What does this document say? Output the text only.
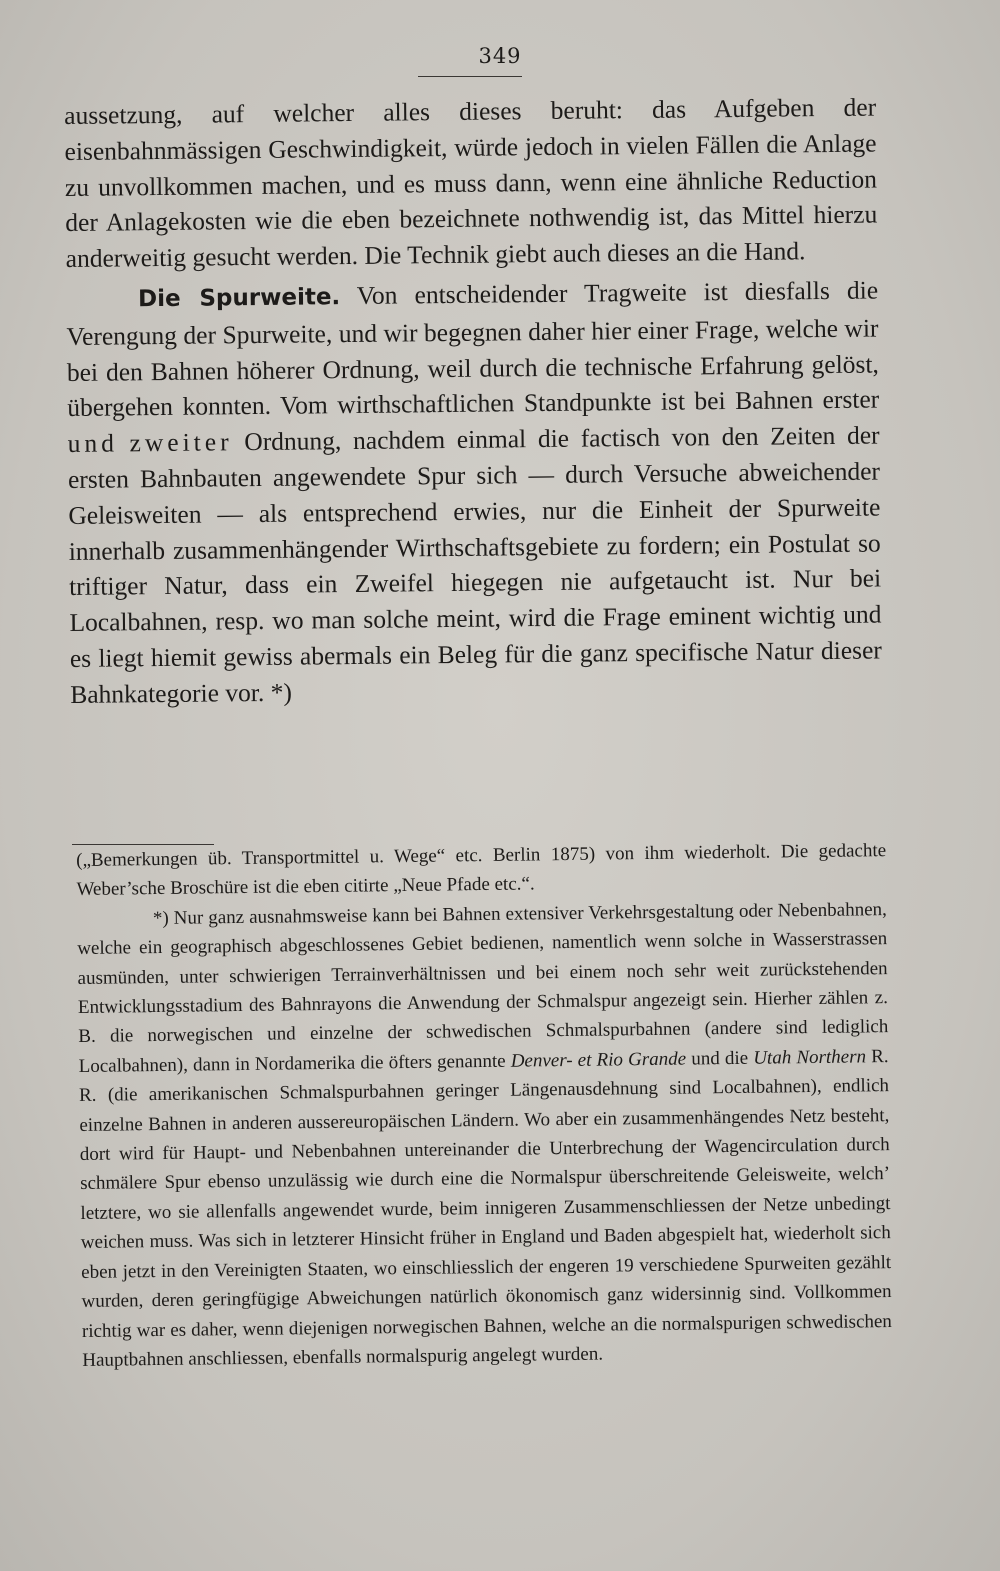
349

aussetzung, auf welcher alles dieses beruht: das Aufgeben der eisenbahnmässigen Geschwindigkeit, würde jedoch in vielen Fällen die Anlage zu unvollkommen machen, und es muss dann, wenn eine ähnliche Reduction der Anlagekosten wie die eben bezeichnete nothwendig ist, das Mittel hierzu anderweitig gesucht werden. Die Technik giebt auch dieses an die Hand.

Die Spurweite. Von entscheidender Tragweite ist diesfalls die Verengung der Spurweite, und wir begegnen daher hier einer Frage, welche wir bei den Bahnen höherer Ordnung, weil durch die technische Erfahrung gelöst, übergehen konnten. Vom wirthschaftlichen Standpunkte ist bei Bahnen erster und zweiter Ordnung, nachdem einmal die factisch von den Zeiten der ersten Bahnbauten angewendete Spur sich — durch Versuche abweichender Geleisweiten — als entsprechend erwies, nur die Einheit der Spurweite innerhalb zusammenhängender Wirthschaftsgebiete zu fordern; ein Postulat so triftiger Natur, dass ein Zweifel hiegegen nie aufgetaucht ist. Nur bei Localbahnen, resp. wo man solche meint, wird die Frage eminent wichtig und es liegt hiemit gewiss abermals ein Beleg für die ganz specifische Natur dieser Bahnkategorie vor. *)

(„Bemerkungen üb. Transportmittel u. Wege“ etc. Berlin 1875) von ihm wiederholt. Die gedachte Weber’sche Broschüre ist die eben citirte „Neue Pfade etc.“.

*) Nur ganz ausnahmsweise kann bei Bahnen extensiver Verkehrsgestaltung oder Nebenbahnen, welche ein geographisch abgeschlossenes Gebiet bedienen, namentlich wenn solche in Wasserstrassen ausmünden, unter schwierigen Terrainverhältnissen und bei einem noch sehr weit zurückstehenden Entwicklungsstadium des Bahnrayons die Anwendung der Schmalspur angezeigt sein. Hierher zählen z. B. die norwegischen und einzelne der schwedischen Schmalspurbahnen (andere sind lediglich Localbahnen), dann in Nordamerika die öfters genannte Denver- et Rio Grande und die Utah Northern R. R. (die amerikanischen Schmalspurbahnen geringer Längenausdehnung sind Localbahnen), endlich einzelne Bahnen in anderen aussereuropäischen Ländern. Wo aber ein zusammenhängendes Netz besteht, dort wird für Haupt- und Nebenbahnen untereinander die Unterbrechung der Wagencirculation durch schmälere Spur ebenso unzulässig wie durch eine die Normalspur überschreitende Geleisweite, welch’ letztere, wo sie allenfalls angewendet wurde, beim innigeren Zusammenschliessen der Netze unbedingt weichen muss. Was sich in letzterer Hinsicht früher in England und Baden abgespielt hat, wiederholt sich eben jetzt in den Vereinigten Staaten, wo einschliesslich der engeren 19 verschiedene Spurweiten gezählt wurden, deren geringfügige Abweichungen natürlich ökonomisch ganz widersinnig sind. Vollkommen richtig war es daher, wenn diejenigen norwegischen Bahnen, welche an die normalspurigen schwedischen Hauptbahnen anschliessen, ebenfalls normalspurig angelegt wurden.
